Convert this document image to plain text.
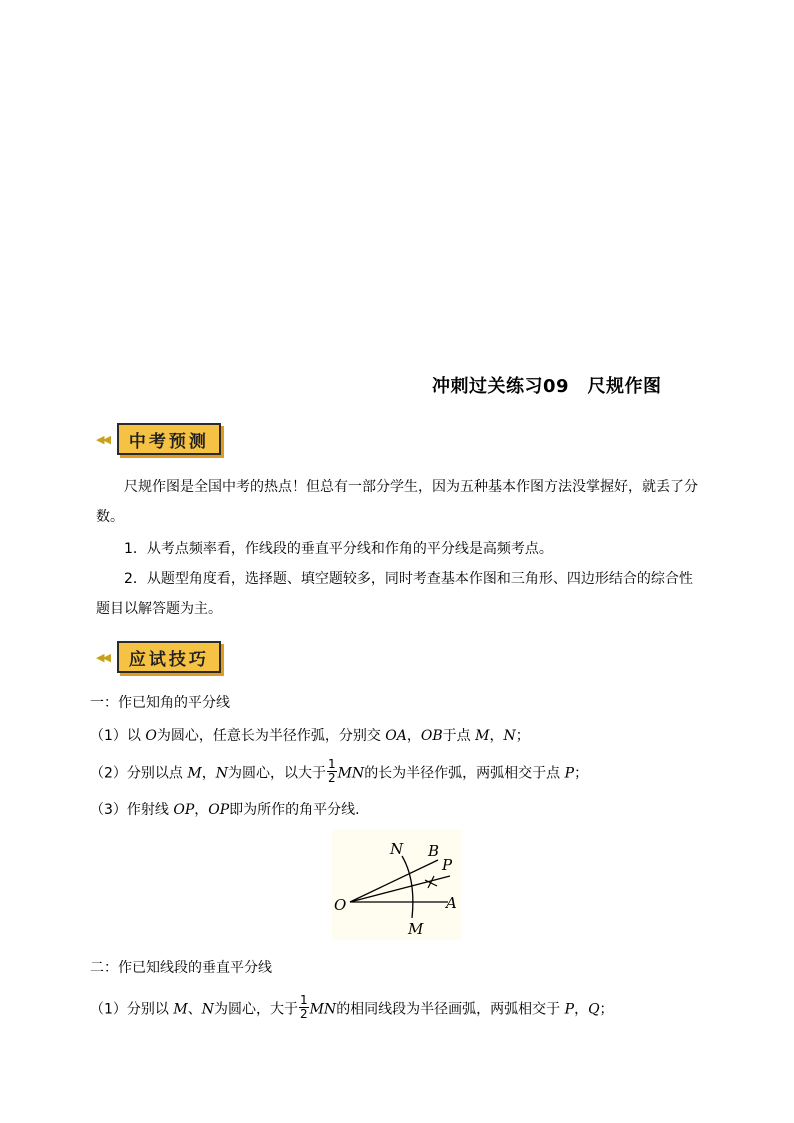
冲刺过关练习09　尺规作图
◀◀	中考预测
尺规作图是全国中考的热点！但总有一部分学生，因为五种基本作图方法没掌握好，就丢了分数。
1．从考点频率看，作线段的垂直平分线和作角的平分线是高频考点。
2．从题型角度看，选择题、填空题较多，同时考查基本作图和三角形、四边形结合的综合性题目以解答题为主。
◀◀	应试技巧
一：作已知角的平分线
（1）以 O为圆心，任意长为半径作弧，分别交 OA，OB于点 M，N；
（2）分别以点 M，N为圆心，以大于 $\frac{1}{2}$ MN的长为半径作弧，两弧相交于点 P；
（3）作射线 OP，OP即为所作的角平分线.
N B
P
O	A
M
二：作已知线段的垂直平分线
（1）分别以 M、N为圆心，大于 $\frac{1}{2}$ MN的相同线段为半径画弧，两弧相交于 P，Q；
